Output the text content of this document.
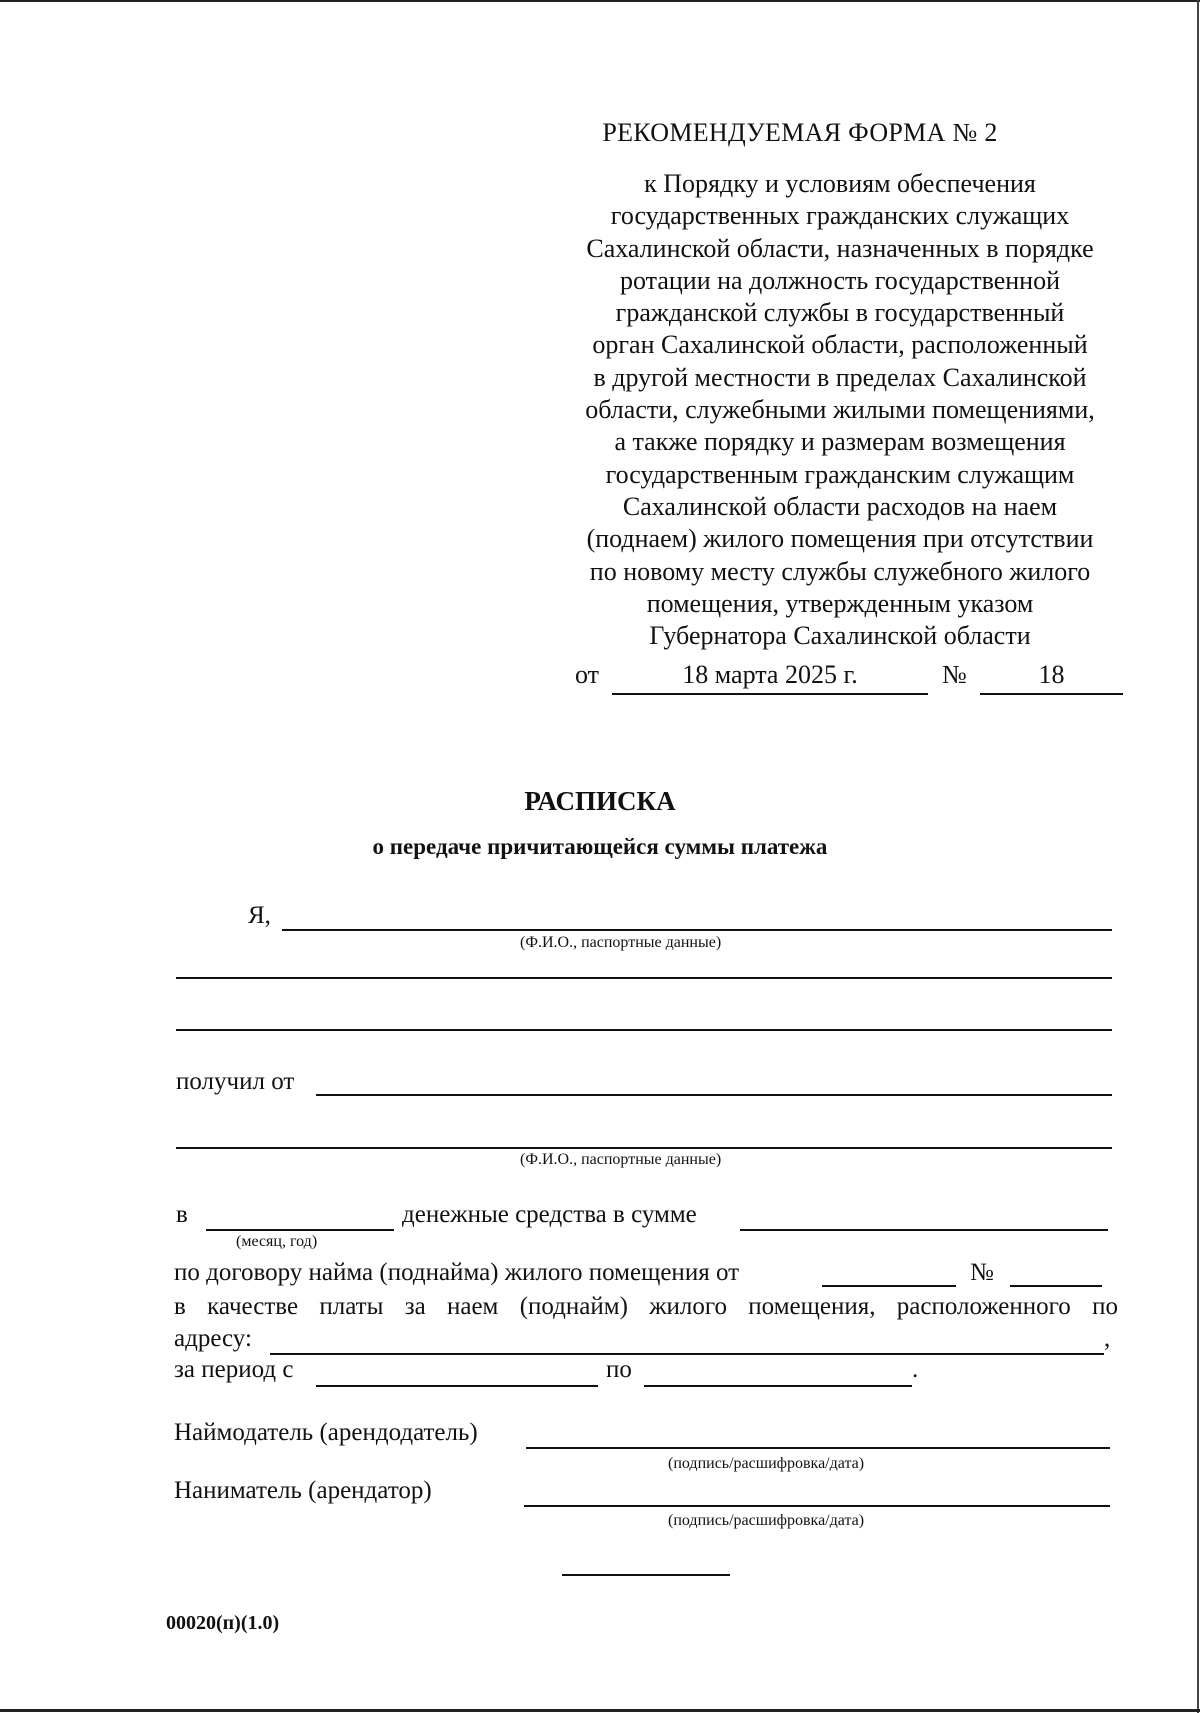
РЕКОМЕНДУЕМАЯ ФОРМА № 2
к Порядку и условиям обеспечения
государственных гражданских служащих
Сахалинской области, назначенных в порядке
ротации на должность государственной
гражданской службы в государственный
орган Сахалинской области, расположенный
в другой местности в пределах Сахалинской
области, служебными жилыми помещениями,
а также порядку и размерам возмещения
государственным гражданским служащим
Сахалинской области расходов на наем
(поднаем) жилого помещения при отсутствии
по новому месту службы служебного жилого
помещения, утвержденным указом
Губернатора Сахалинской области
от	18 марта 2025 г.	№	18
РАСПИСКА
о передаче причитающейся суммы платежа
Я,
(Ф.И.О., паспортные данные)
получил от
(Ф.И.О., паспортные данные)
в
(месяц, год)
денежные средства в сумме
по договору найма (поднайма) жилого помещения от	№
в качестве платы за наем (поднайм) жилого помещения, расположенного по
адресу:	,
за период с	по	.
Наймодатель (арендодатель)
(подпись/расшифровка/дата)
Наниматель (арендатор)
(подпись/расшифровка/дата)
00020(п)(1.0)
